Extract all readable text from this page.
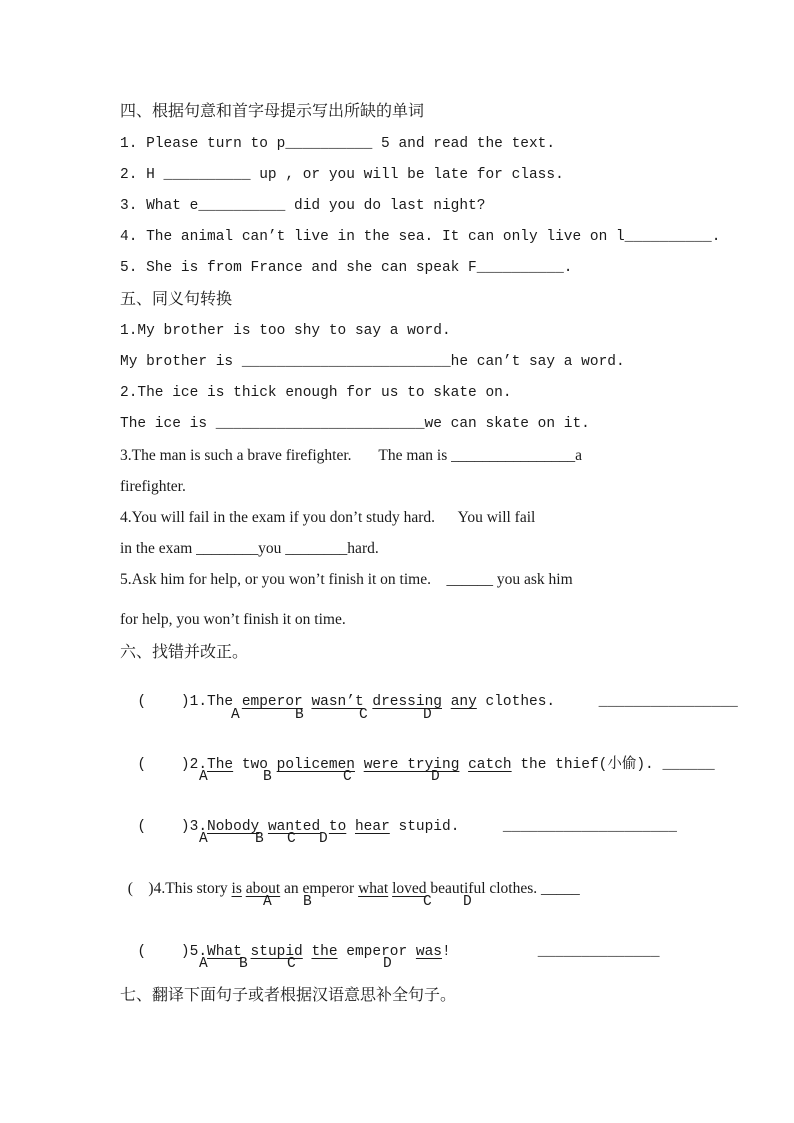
四、根据句意和首字母提示写出所缺的单词
1. Please turn to p__________ 5 and read the text.
2. H __________ up , or you will be late for class.
3. What e__________ did you do last night?
4. The animal can’t live in the sea. It can only live on l__________.
5. She is from France and she can speak F__________.
五、同义句转换
1.My brother is too shy to say a word.
My brother is ________________________he can’t say a word.
2.The ice is thick enough for us to skate on.
The ice is ________________________we can skate on it.
3.The man is such a brave firefighter.       The man is ________________a
firefighter.
4.You will fail in the exam if you don’t study hard.      You will fail
in the exam ________you ________hard.
5.Ask him for help, or you won’t finish it on time.    ______ you ask him
for help, you won’t finish it on time.
六、找错并改正。

(    )1.The emperor wasn’t dressing any clothes.     ________________

A	B	C	D

(    )2.The two policemen were trying catch the thief(小偷). ______

A	B	C	D

(    )3.Nobody wanted to hear stupid.     ____________________

A	B C D

(    )4.This story is about an emperor what loved beautiful clothes. _____

A B	C D

(    )5.What stupid the emperor was!          ______________

A B	C	D
七、翻译下面句子或者根据汉语意思补全句子。
